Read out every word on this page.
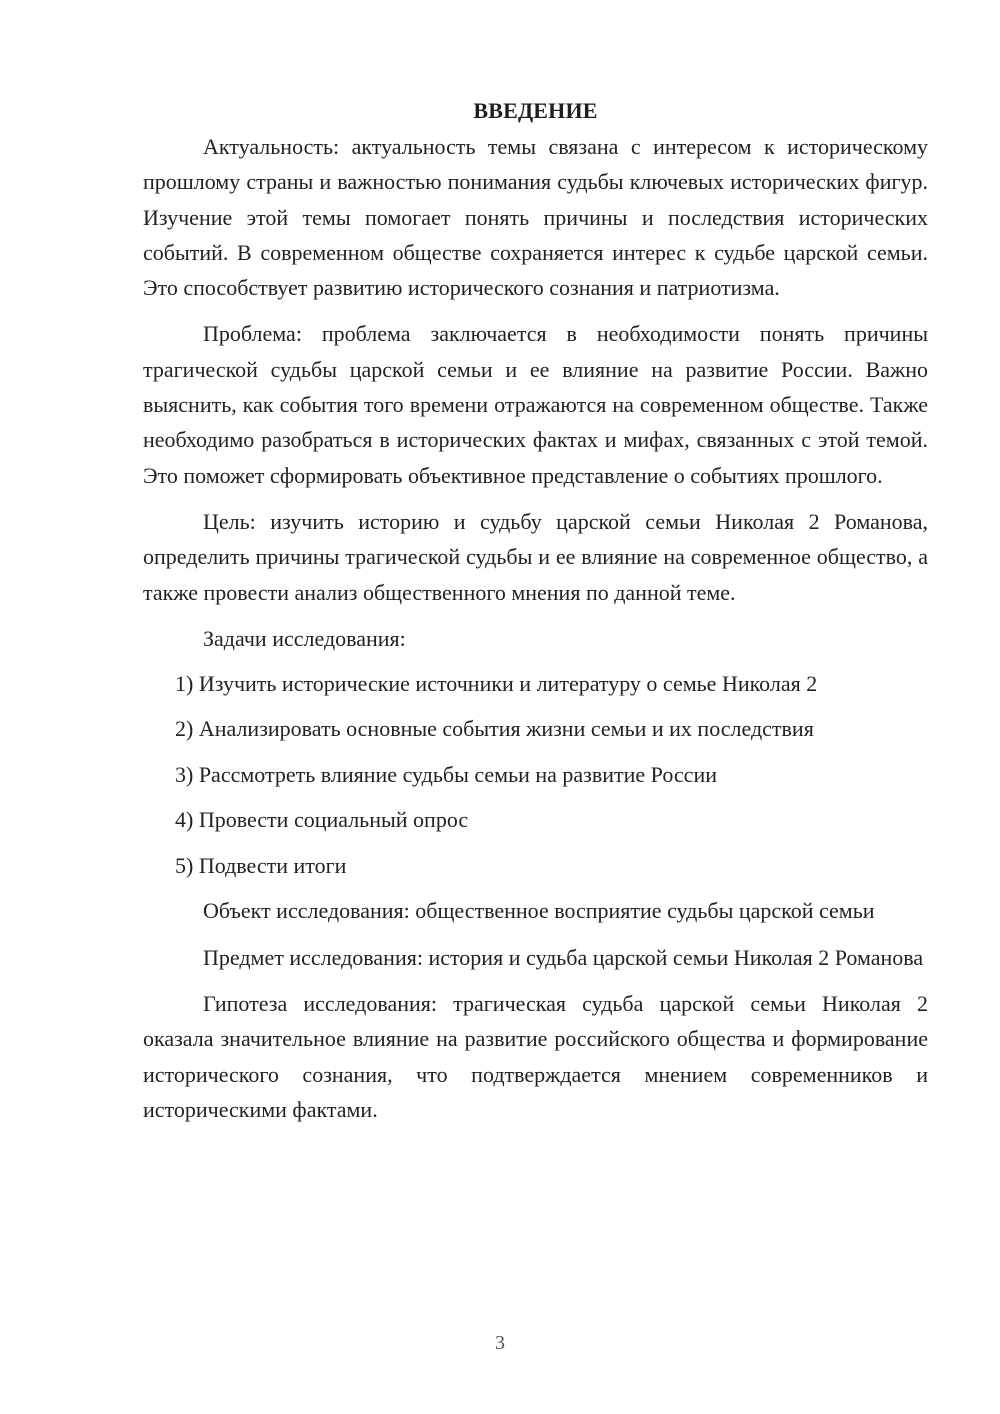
ВВЕДЕНИЕ

Актуальность: актуальность темы связана с интересом к историческому прошлому страны и важностью понимания судьбы ключевых исторических фигур. Изучение этой темы помогает понять причины и последствия исторических событий. В современном обществе сохраняется интерес к судьбе царской семьи. Это способствует развитию исторического сознания и патриотизма.

Проблема: проблема заключается в необходимости понять причины трагической судьбы царской семьи и ее влияние на развитие России. Важно выяснить, как события того времени отражаются на современном обществе. Также необходимо разобраться в исторических фактах и мифах, связанных с этой темой. Это поможет сформировать объективное представление о событиях прошлого.

Цель: изучить историю и судьбу царской семьи Николая 2 Романова, определить причины трагической судьбы и ее влияние на современное общество, а также провести анализ общественного мнения по данной теме.

Задачи исследования:
1) Изучить исторические источники и литературу о семье Николая 2
2) Анализировать основные события жизни семьи и их последствия
3) Рассмотреть влияние судьбы семьи на развитие России
4) Провести социальный опрос
5) Подвести итоги

Объект исследования: общественное восприятие судьбы царской семьи

Предмет исследования: история и судьба царской семьи Николая 2 Романова

Гипотеза исследования: трагическая судьба царской семьи Николая 2 оказала значительное влияние на развитие российского общества и формирование исторического сознания, что подтверждается мнением современников и историческими фактами.

3
